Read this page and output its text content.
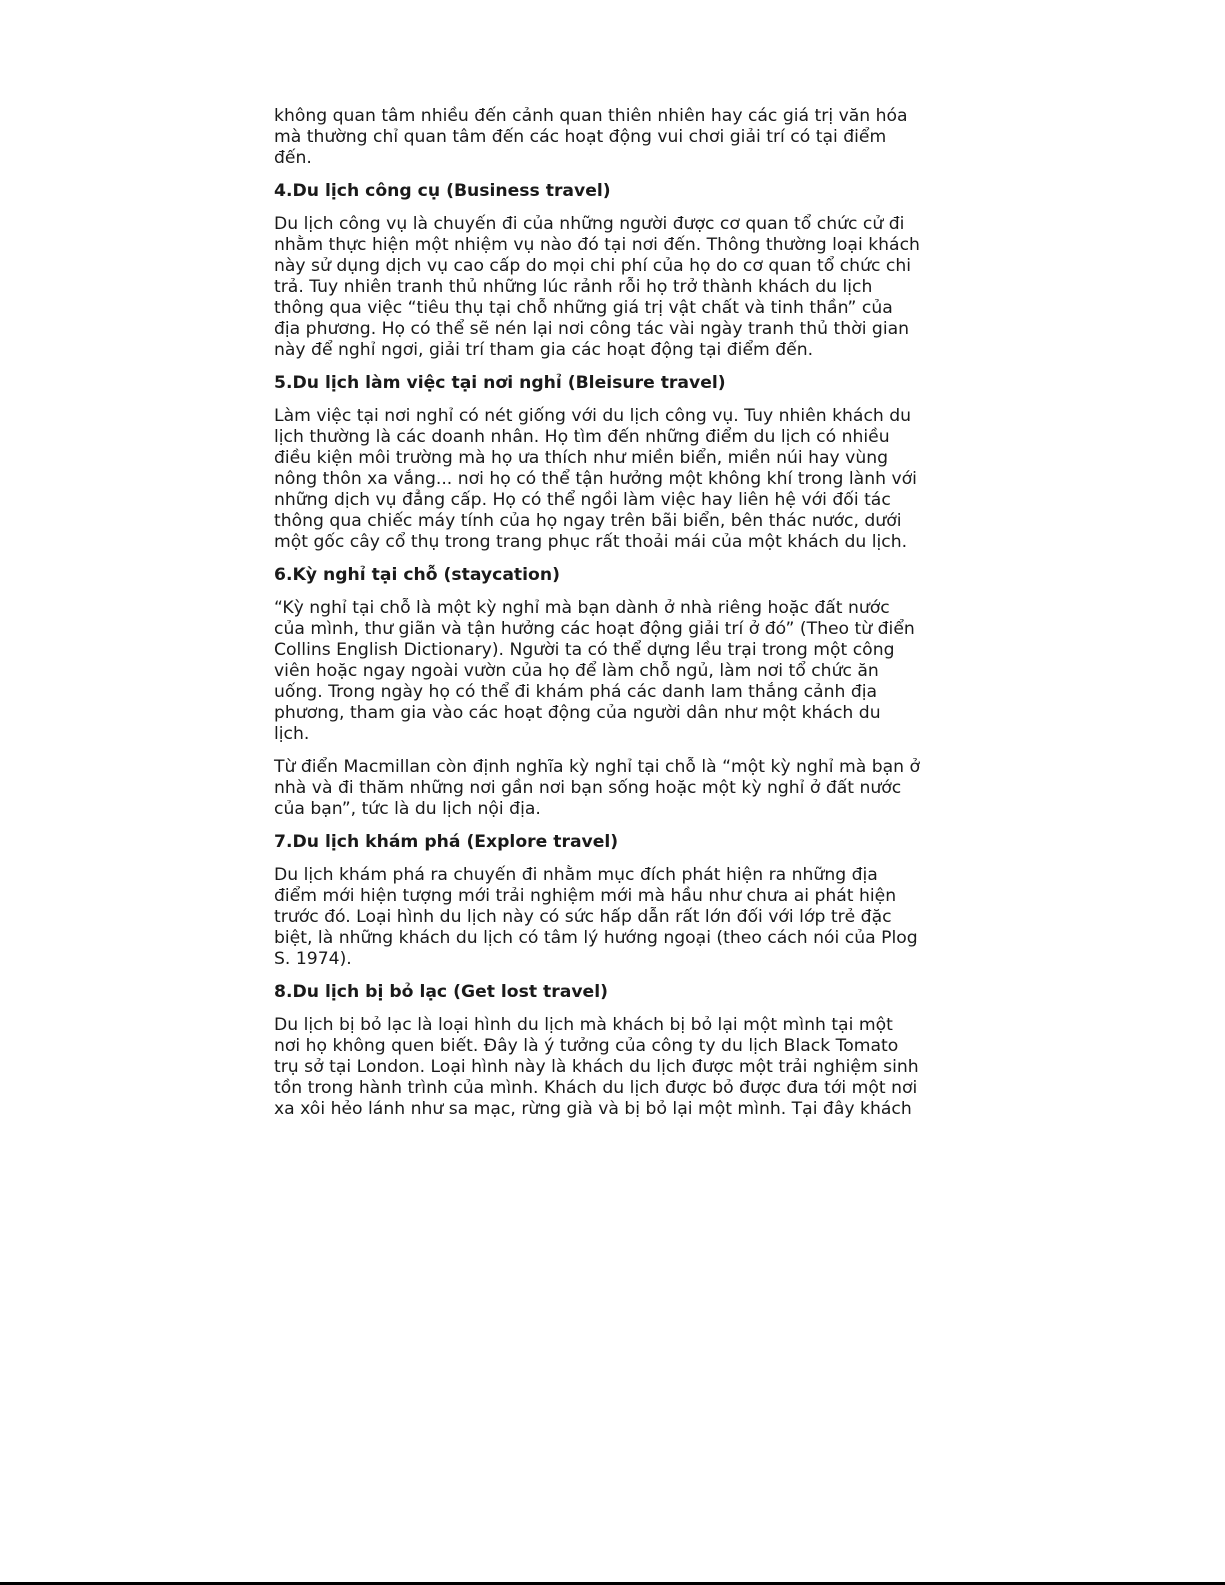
không quan tâm nhiều đến cảnh quan thiên nhiên hay các giá trị văn hóa
mà thường chỉ quan tâm đến các hoạt động vui chơi giải trí có tại điểm
đến.

4.Du lịch công cụ (Business travel)

Du lịch công vụ là chuyến đi của những người được cơ quan tổ chức cử đi
nhằm thực hiện một nhiệm vụ nào đó tại nơi đến. Thông thường loại khách
này sử dụng dịch vụ cao cấp do mọi chi phí của họ do cơ quan tổ chức chi
trả. Tuy nhiên tranh thủ những lúc rảnh rỗi họ trở thành khách du lịch
thông qua việc “tiêu thụ tại chỗ những giá trị vật chất và tinh thần” của
địa phương. Họ có thể sẽ nén lại nơi công tác vài ngày tranh thủ thời gian
này để nghỉ ngơi, giải trí tham gia các hoạt động tại điểm đến.

5.Du lịch làm việc tại nơi nghỉ (Bleisure travel)

Làm việc tại nơi nghỉ có nét giống với du lịch công vụ. Tuy nhiên khách du
lịch thường là các doanh nhân. Họ tìm đến những điểm du lịch có nhiều
điều kiện môi trường mà họ ưa thích như miền biển, miền núi hay vùng
nông thôn xa vắng... nơi họ có thể tận hưởng một không khí trong lành với
những dịch vụ đẳng cấp. Họ có thể ngồi làm việc hay liên hệ với đối tác
thông qua chiếc máy tính của họ ngay trên bãi biển, bên thác nước, dưới
một gốc cây cổ thụ trong trang phục rất thoải mái của một khách du lịch.

6.Kỳ nghỉ tại chỗ (staycation)

“Kỳ nghỉ tại chỗ là một kỳ nghỉ mà bạn dành ở nhà riêng hoặc đất nước
của mình, thư giãn và tận hưởng các hoạt động giải trí ở đó” (Theo từ điển
Collins English Dictionary). Người ta có thể dựng lều trại trong một công
viên hoặc ngay ngoài vườn của họ để làm chỗ ngủ, làm nơi tổ chức ăn
uống. Trong ngày họ có thể đi khám phá các danh lam thắng cảnh địa
phương, tham gia vào các hoạt động của người dân như một khách du
lịch.

Từ điển Macmillan còn định nghĩa kỳ nghỉ tại chỗ là “một kỳ nghỉ mà bạn ở
nhà và đi thăm những nơi gần nơi bạn sống hoặc một kỳ nghỉ ở đất nước
của bạn”, tức là du lịch nội địa.

7.Du lịch khám phá (Explore travel)

Du lịch khám phá ra chuyến đi nhằm mục đích phát hiện ra những địa
điểm mới hiện tượng mới trải nghiệm mới mà hầu như chưa ai phát hiện
trước đó. Loại hình du lịch này có sức hấp dẫn rất lớn đối với lớp trẻ đặc
biệt, là những khách du lịch có tâm lý hướng ngoại (theo cách nói của Plog
S. 1974).

8.Du lịch bị bỏ lạc (Get lost travel)

Du lịch bị bỏ lạc là loại hình du lịch mà khách bị bỏ lại một mình tại một
nơi họ không quen biết. Đây là ý tưởng của công ty du lịch Black Tomato
trụ sở tại London. Loại hình này là khách du lịch được một trải nghiệm sinh
tồn trong hành trình của mình. Khách du lịch được bỏ được đưa tới một nơi
xa xôi hẻo lánh như sa mạc, rừng già và bị bỏ lại một mình. Tại đây khách
